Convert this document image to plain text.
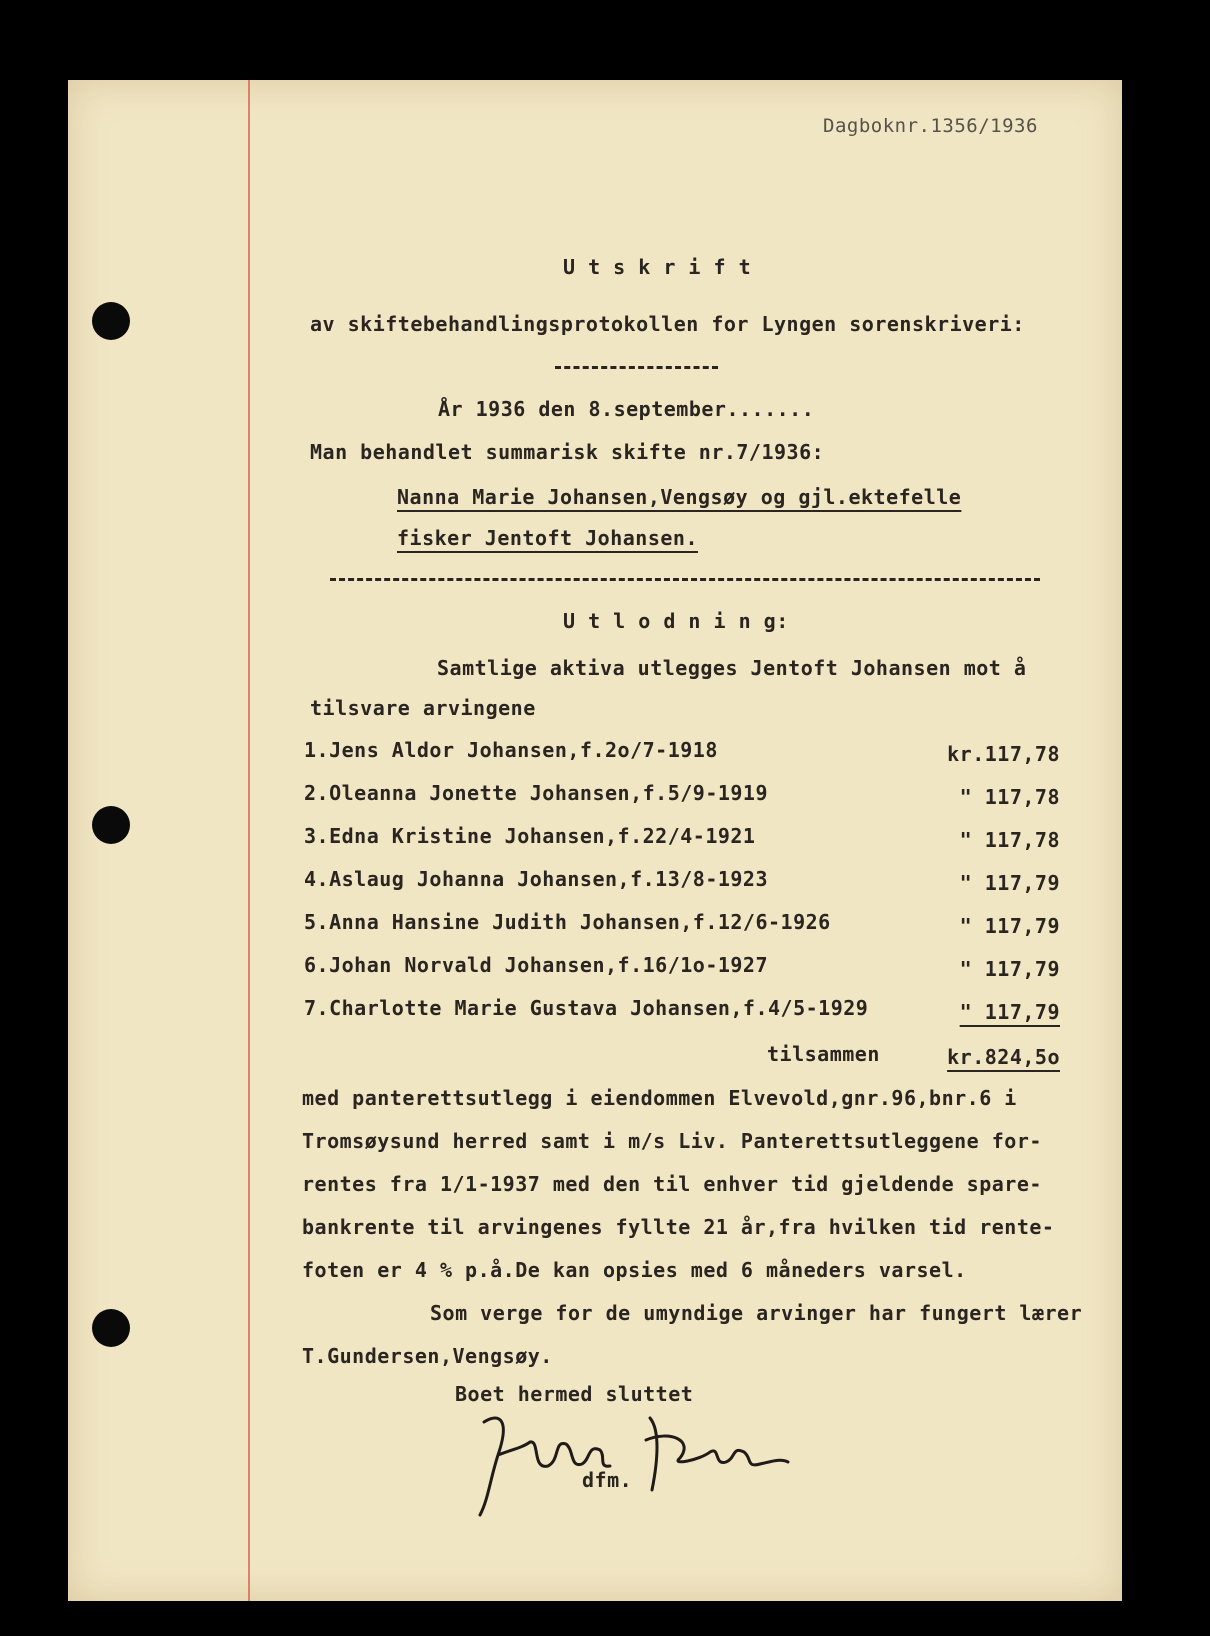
Dagboknr.1356/1936
U t s k r i f t
av skiftebehandlingsprotokollen for Lyngen sorenskriveri:
År 1936 den 8.september.......
Man behandlet summarisk skifte nr.7/1936:
Nanna Marie Johansen,Vengsøy og gjl.ektefelle
fisker Jentoft Johansen.
U t l o d n i n g:
Samtlige aktiva utlegges Jentoft Johansen mot å
tilsvare arvingene
1.Jens Aldor Johansen,f.2o/7-1918	kr.117,78
2.Oleanna Jonette Johansen,f.5/9-1919	" 117,78
3.Edna Kristine Johansen,f.22/4-1921	" 117,78
4.Aslaug Johanna Johansen,f.13/8-1923	" 117,79
5.Anna Hansine Judith Johansen,f.12/6-1926	" 117,79
6.Johan Norvald Johansen,f.16/1o-1927	" 117,79
7.Charlotte Marie Gustava Johansen,f.4/5-1929	" 117,79
tilsammen	kr.824,5o
med panterettsutlegg i eiendommen Elvevold,gnr.96,bnr.6 i
Tromsøysund herred samt i m/s Liv. Panterettsutleggene for-
rentes fra 1/1-1937 med den til enhver tid gjeldende spare-
bankrente til arvingenes fyllte 21 år,fra hvilken tid rente-
foten er 4 % p.å.De kan opsies med 6 måneders varsel.
Som verge for de umyndige arvinger har fungert lærer
T.Gundersen,Vengsøy.
Boet hermed sluttet
dfm.
